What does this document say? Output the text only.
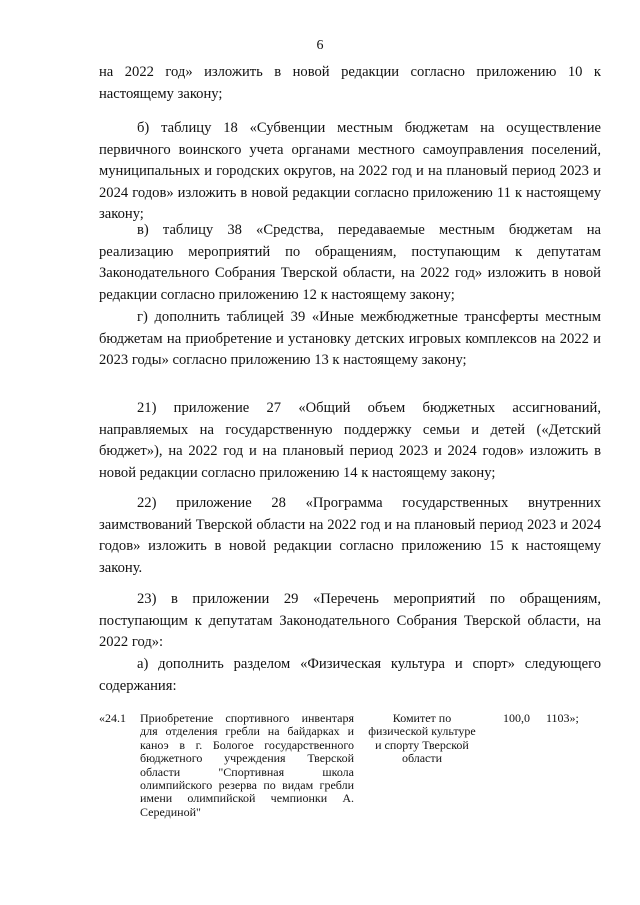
6

на 2022 год» изложить в новой редакции согласно приложению 10 к настоящему закону;

б) таблицу 18 «Субвенции местным бюджетам на осуществление первичного воинского учета органами местного самоуправления поселений, муниципальных и городских округов, на 2022 год и на плановый период 2023 и 2024 годов» изложить в новой редакции согласно приложению 11 к настоящему закону;

в) таблицу 38 «Средства, передаваемые местным бюджетам на реализацию мероприятий по обращениям, поступающим к депутатам Законодательного Собрания Тверской области, на 2022 год» изложить в новой редакции согласно приложению 12 к настоящему закону;

г) дополнить таблицей 39 «Иные межбюджетные трансферты местным бюджетам на приобретение и установку детских игровых комплексов на 2022 и 2023 годы» согласно приложению 13 к настоящему закону;

21) приложение 27 «Общий объем бюджетных ассигнований, направляемых на государственную поддержку семьи и детей («Детский бюджет»), на 2022 год и на плановый период 2023 и 2024 годов» изложить в новой редакции согласно приложению 14 к настоящему закону;

22) приложение 28 «Программа государственных внутренних заимствований Тверской области на 2022 год и на плановый период 2023 и 2024 годов» изложить в новой редакции согласно приложению 15 к настоящему закону.

23) в приложении 29 «Перечень мероприятий по обращениям, поступающим к депутатам Законодательного Собрания Тверской области, на 2022 год»:

а) дополнить разделом «Физическая культура и спорт» следующего содержания:

«24.1	Приобретение спортивного инвентаря для отделения гребли на байдарках и каноэ в г. Бологое государственного бюджетного учреждения Тверской области "Спортивная школа олимпийского резерва по видам гребли имени олимпийской чемпионки А. Серединой"
Комитет по физической культуре и спорту Тверской области
100,0 1103»;
